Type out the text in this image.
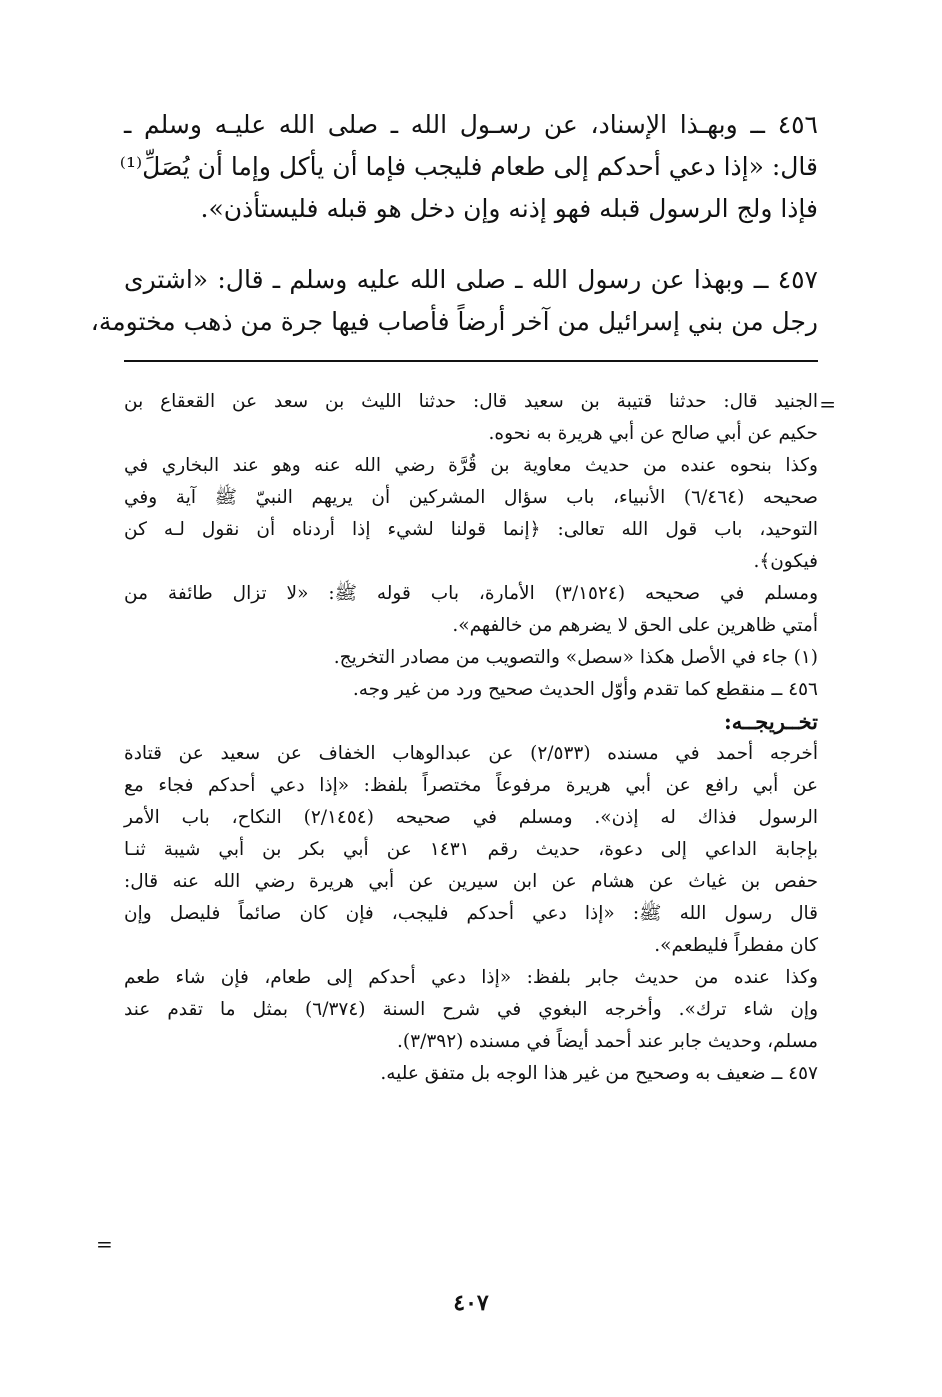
٤٥٦ ــ وبهـذا الإسناد، عن رسـول الله ـ صلى الله عليـه وسلم ـ
قال: «إذا دعي أحدكم إلى طعام فليجب فإما أن يأكل وإما أن يُصَلِّ⁽¹⁾
فإذا ولج الرسول قبله فهو إذنه وإن دخل هو قبله فليستأذن».
٤٥٧ ــ وبهذا عن رسول الله ـ صلى الله عليه وسلم ـ قال: «اشترى
رجل من بني إسرائيل من آخر أرضاً فأصاب فيها جرة من ذهب مختومة،
=
الجنيد قال: حدثنا قتيبة بن سعيد قال: حدثنا الليث بن سعد عن القعقاع بن
حكيم عن أبي صالح عن أبي هريرة به نحوه.
وكذا بنحوه عنده من حديث معاوية بن قُرَّة رضي الله عنه وهو عند البخاري في
صحيحه (٦/٤٦٤) الأنبياء، باب سؤال المشركين أن يريهم النبيّ ﷺ آية وفي
التوحيد، باب قول الله تعالى: ﴿إنما قولنا لشيء إذا أردناه أن نقول لـه كن
فيكون﴾.
ومسلم في صحيحه (٣/١٥٢٤) الأمارة، باب قوله ﷺ: «لا تزال طائفة من
أمتي ظاهرين على الحق لا يضرهم من خالفهم».
(١) جاء في الأصل هكذا «سصل» والتصويب من مصادر التخريج.
٤٥٦ ــ منقطع كما تقدم وأوّل الحديث صحيح ورد من غير وجه.
تخــريجــه:
أخرجه أحمد في مسنده (٢/٥٣٣) عن عبدالوهاب الخفاف عن سعيد عن قتادة
عن أبي رافع عن أبي هريرة مرفوعاً مختصراً بلفظ: «إذا دعي أحدكم فجاء مع
الرسول فذاك له إذن». ومسلم في صحيحه (٢/١٤٥٤) النكاح، باب الأمر
بإجابة الداعي إلى دعوة، حديث رقم ١٤٣١ عن أبي بكر بن أبي شيبة ثنـا
حفص بن غياث عن هشام عن ابن سيرين عن أبي هريرة رضي الله عنه قال:
قال رسول الله ﷺ: «إذا دعي أحدكم فليجب، فإن كان صائماً فليصل وإن
كان مفطراً فليطعم».
وكذا عنده من حديث جابر بلفظ: «إذا دعي أحدكم إلى طعام، فإن شاء طعم
وإن شاء ترك». وأخرجه البغوي في شرح السنة (٦/٣٧٤) بمثل ما تقدم عند
مسلم، وحديث جابر عند أحمد أيضاً في مسنده (٣/٣٩٢).
٤٥٧ ــ ضعيف به وصحيح من غير هذا الوجه بل متفق عليه.
=
٤٠٧
